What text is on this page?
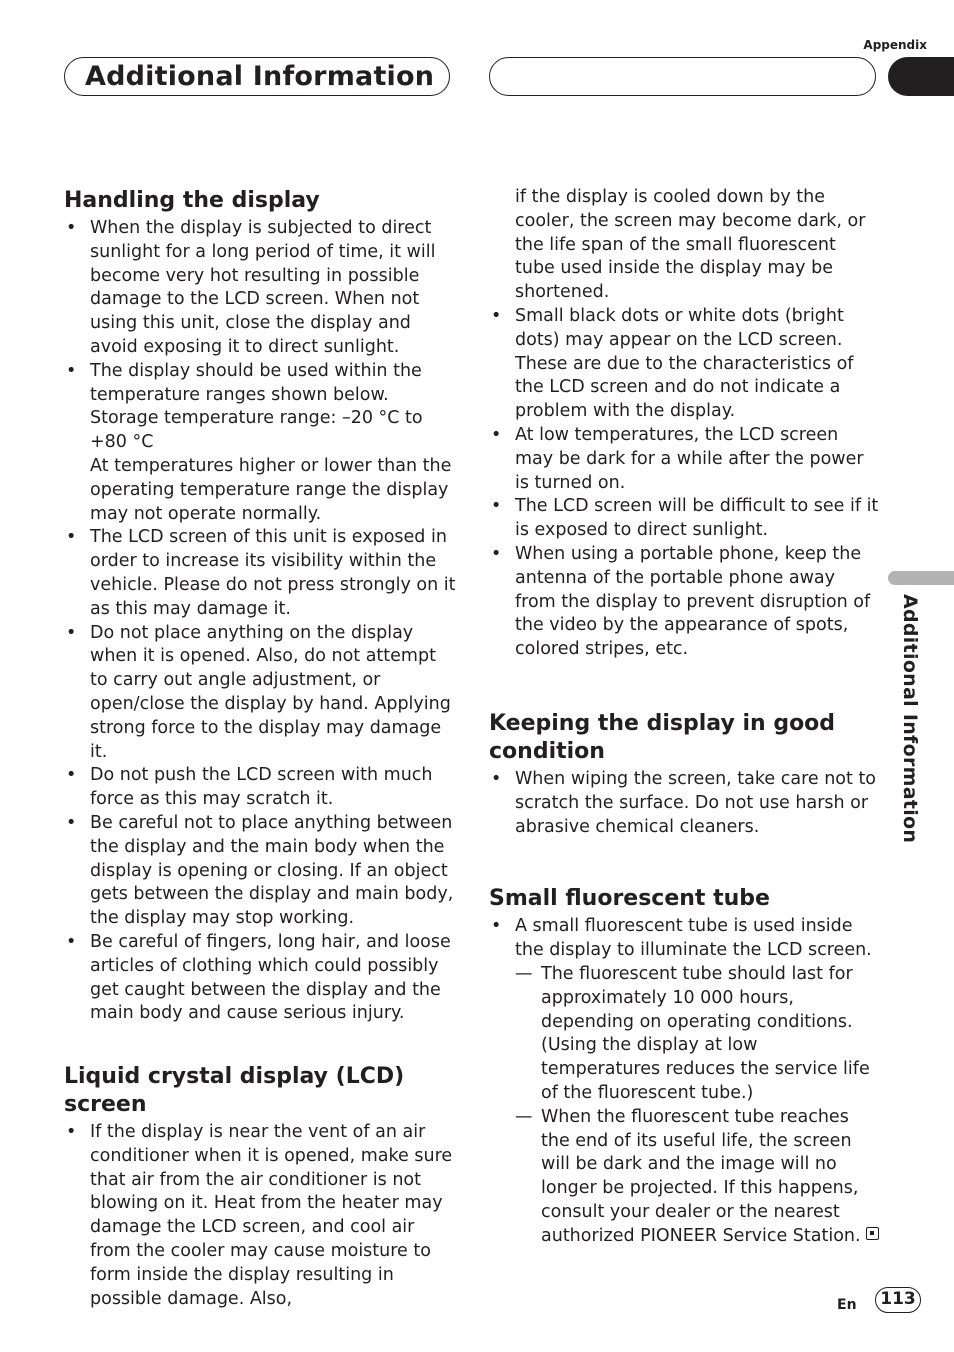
Appendix
Additional Information
Additional Information
Handling the display
• When the display is subjected to direct sunlight for a long period of time, it will become very hot resulting in possible damage to the LCD screen. When not using this unit, close the display and avoid exposing it to direct sunlight.
• The display should be used within the temperature ranges shown below.
Storage temperature range: –20 °C to +80 °C
At temperatures higher or lower than the operating temperature range the display may not operate normally.
• The LCD screen of this unit is exposed in order to increase its visibility within the vehicle. Please do not press strongly on it as this may damage it.
• Do not place anything on the display when it is opened. Also, do not attempt to carry out angle adjustment, or open/close the display by hand. Applying strong force to the display may damage it.
• Do not push the LCD screen with much force as this may scratch it.
• Be careful not to place anything between the display and the main body when the display is opening or closing. If an object gets between the display and main body, the display may stop working.
• Be careful of fingers, long hair, and loose articles of clothing which could possibly get caught between the display and the main body and cause serious injury.
Liquid crystal display (LCD) screen
• If the display is near the vent of an air conditioner when it is opened, make sure that air from the air conditioner is not blowing on it. Heat from the heater may damage the LCD screen, and cool air from the cooler may cause moisture to form inside the display resulting in possible damage. Also,
if the display is cooled down by the cooler, the screen may become dark, or the life span of the small fluorescent tube used inside the display may be shortened.
• Small black dots or white dots (bright dots) may appear on the LCD screen. These are due to the characteristics of the LCD screen and do not indicate a problem with the display.
• At low temperatures, the LCD screen may be dark for a while after the power is turned on.
• The LCD screen will be difficult to see if it is exposed to direct sunlight.
• When using a portable phone, keep the antenna of the portable phone away from the display to prevent disruption of the video by the appearance of spots, colored stripes, etc.
Keeping the display in good condition
• When wiping the screen, take care not to scratch the surface. Do not use harsh or abrasive chemical cleaners.
Small fluorescent tube
• A small fluorescent tube is used inside the display to illuminate the LCD screen.
— The fluorescent tube should last for approximately 10 000 hours, depending on operating conditions. (Using the display at low temperatures reduces the service life of the fluorescent tube.)
— When the fluorescent tube reaches the end of its useful life, the screen will be dark and the image will no longer be projected. If this happens, consult your dealer or the nearest authorized PIONEER Service Station.
En	113
